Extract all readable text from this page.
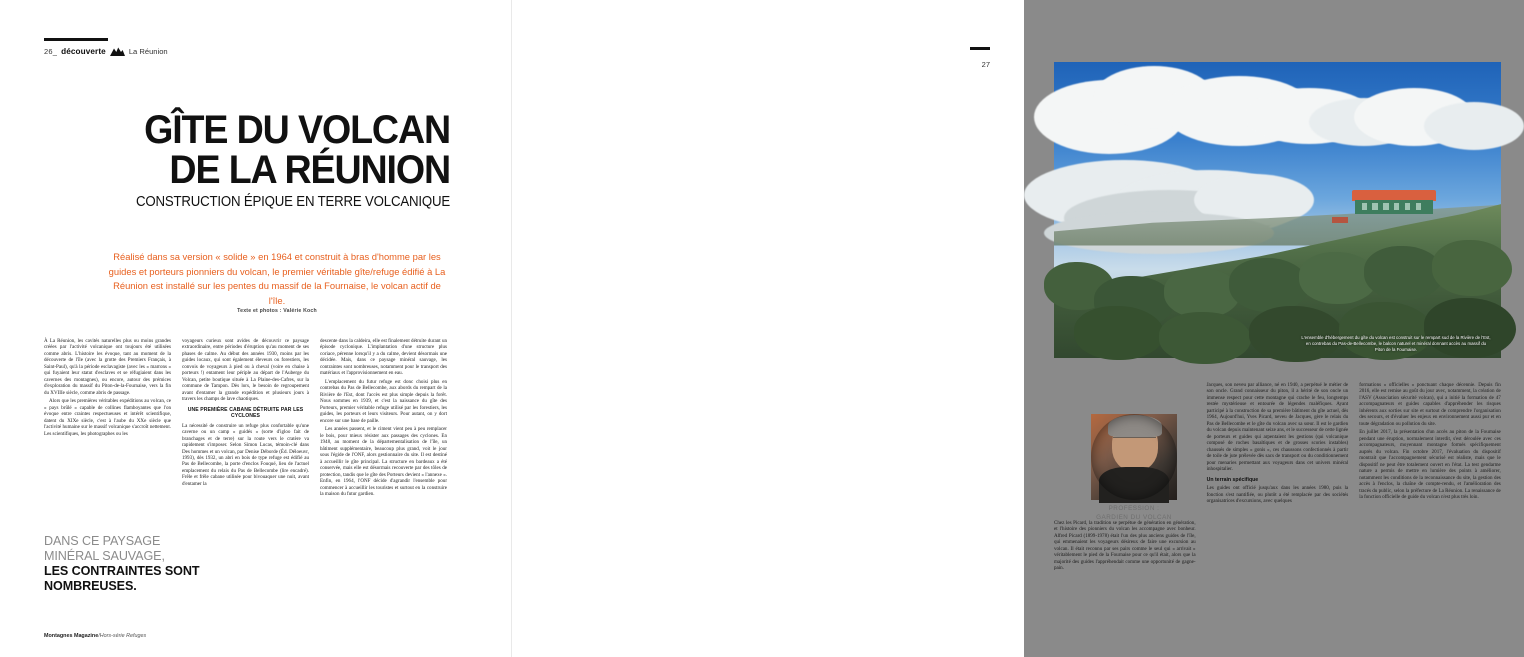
26_ découverte	La Réunion
GÎTE DU VOLCAN
DE LA RÉUNION
CONSTRUCTION ÉPIQUE EN TERRE VOLCANIQUE

Réalisé dans sa version « solide » en 1964 et construit à bras d'homme par les guides et porteurs pionniers du volcan, le premier véritable gîte/refuge édifié à La Réunion est installé sur les pentes du massif de la Fournaise, le volcan actif de l'île.

Texte et photos : Valérie Koch

À La Réunion, les cavités naturelles plus ou moins grandes créées par l'activité volcanique ont toujours été utilisées comme abris. L'histoire les évoque, tant au moment de la découverte de l'île (avec la grotte des Premiers Français, à Saint-Paul), qu'à la période esclavagiste (avec les « marrons » qui fuyaient leur statut d'esclaves et se réfugiaient dans les cavernes des montagnes), ou encore, autour des prémices d'exploration du massif du Piton-de-la-Fournaise, vers la fin du XVIIIe siècle, comme abris de passage.

Alors que les premières véritables expéditions au volcan, ce « pays brûlé » capable de collines flamboyantes que l'on évoque entre craintes respectueuses et intérêt scientifique, datent du XIXe siècle, c'est à l'aube du XXe siècle que l'activité humaine sur le massif volcanique s'accroît nettement. Les scientifiques, les photographes ou les

voyageurs curieux sont avides de découvrir ce paysage extraordinaire, entre périodes d'éruption qu'au moment de ses phases de calme. Au début des années 1930, moins par les guides locaux, qui sont également éleveurs ou forestiers, les convois de voyageurs à pied ou à cheval (voire en chaise à porteurs !) entament leur périple au départ de l'Auberge du Volcan, petite boutique située à La Plaine-des-Cafres, sur la commune de Tampon. Dès lors, le besoin de regroupement avant d'entamer la grande expédition et plusieurs jours à travers les champs de lave chaotiques.

UNE PREMIÈRE CABANE DÉTRUITE PAR LES CYCLONES

La nécessité de construire un refuge plus confortable qu'une caverne ou un camp « guidés » (sorte d'igloo fait de branchages et de terre) sur la route vers le cratère va rapidement s'imposer. Selon Simon Lucas, témoin-clé dans Des hommes et un volcan, par Denise Déborde (Éd. Déloeuvr, 1993), dès 1932, un abri en bois de type refuge est édifié au Pas de Bellecombe, la porte d'enclos Fouqué, lieu de l'actuel emplacement du relais du Pas de Bellecombe (lire encadré). Frêle et frêle cabane utilisée pour bivouaquer une nuit, avant d'entamer la

descente dans la caldeira, elle est finalement détruite durant un épisode cyclonique. L'implantation d'une structure plus coriace, pérenne lorsqu'il y a du calme, devient désormais une décidée. Mais, dans ce paysage minéral sauvage, les contraintes sont nombreuses, notamment pour le transport des matériaux et l'approvisionnement en eau.

L'emplacement du futur refuge est donc choisi plus en contrebas du Pas de Bellecombe, aux abords du rempart de la Rivière de l'Est, dont l'accès est plus simple depuis la forêt. Nous sommes en 1939, et c'est la naissance du gîte des Porteurs, premier véritable refuge utilisé par les forestiers, les guides, les porteurs et leurs visiteurs. Pour autant, on y dort encore sur une base de paille.

Les années passent, et le ciment vient peu à peu remplacer le bois, pour mieux résister aux passages des cyclones. En 1948, au moment de la départementalisation de l'île, un bâtiment supplémentaire, beaucoup plus grand, voit le jour sous l'égide de l'ONF, alors gestionnaire du site. Il est destiné à accueillir le gîte principal. La structure en bardeaux a été conservée, mais elle est désormais recouverte par des tôles de protection, tandis que le gîte des Porteurs devient « l'annexe ». Enfin, en 1964, l'ONF décide d'agrandir l'ensemble pour commencer à accueillir les touristes et surtout en la construire la maison du futur gardien.

DANS CE PAYSAGE MINÉRAL SAUVAGE,
LES CONTRAINTES SONT NOMBREUSES.
Montagnes Magazine/Hors-série Refuges
27
L'ensemble d'hébergement du gîte du volcan est construit sur le rempart sud de la Rivière de l'Est, en contrebas du Pas-de-Bellecombe, le balcon naturel et minéral donnant accès au massif du Piton de la Fournaise.
PROFESSION :
GARDIEN DU VOLCAN

Chez les Picard, la tradition se perpétue de génération en génération, et l'histoire des pionniers du volcan les accompagne avec bonheur. Alfred Picard (1899-1978) était l'un des plus anciens guides de l'île, qui emmenaient les voyageurs désireux de faire une excursion au volcan. Il était reconnu par ses pairs comme le seul qui « arrivait » véritablement le pied de la Fournaise pour ce qu'il était, alors que la majorité des guides l'appréhendait comme une opportunité de gagne-pain.

Jacques, son neveu par alliance, né en 1940, a perpétué le métier de son oncle. Grand connaisseur du piton, il a hérité de son oncle un immense respect pour cette montagne qui crache le feu, longtemps restée mystérieuse et entourée de légendes maléfiques. Ayant participé à la construction de sa première bâtiment du gîte actuel, dès 1964, Aujourd'hui, Yves Picard, neveu de Jacques, gère le relais du Pas de Bellecombe et le gîte du volcan avec sa sœur. Il est le gardien du volcan depuis maintenant seize ans, et le successeur de cette lignée de porteurs et guides qui arpentaient les gestions (qui volcanique composé de roches basaltiques et de grosses scories instables) chaussés de simples « gonis », ces chaussons confectionnés à partir de toile de jute prélevée dès sacs de transport ou du conditionnement pour menaries permettant aux voyageurs dans cet univers minéral inhospitalier.

Un terrain spécifique

Les guides ont officié jusqu'aux dans les années 1980, puis la fonction s'est nantifiée, ou plutôt a été remplacée par des sociétés organisatrices d'excursions, avec quelques

formations « officielles » ponctuant chaque décennie. Depuis fin 2016, elle est remise au goût du jour avec, notamment, la création de l'ASV (Association sécurité volcan), qui a initié la formation de 47 accompagnateurs et guides capables d'appréhender les risques inhérents aux sorties sur site et surtout de comprendre l'organisation des secours, et d'évaluer les enjeux en environnement aussi pur et en toute dégradation ou pollution du site.

En juillet 2017, la présentation d'un accès au piton de la Fournaise pendant une éruption, normalement interdit, s'est déroulée avec ces accompagnateurs, moyennant montagne formés spécifiquement auprès du volcan. Fin octobre 2017, l'évaluation du dispositif montrait que l'accompagnement sécurisé est réaliste, mais que le dispositif ne peut être totalement ouvert en l'état. La test gendarme nature a permis de mettre en lumière des points à améliorer, notamment les conditions de la reconnaissance du site, la gestion des accès à l'enclos, la chaîne de compte-rendu, et l'amélioration des tracés du public, selon la préfecture de La Réunion. La renaissance de la fonction officielle de guide du volcan n'est plus très loin.
